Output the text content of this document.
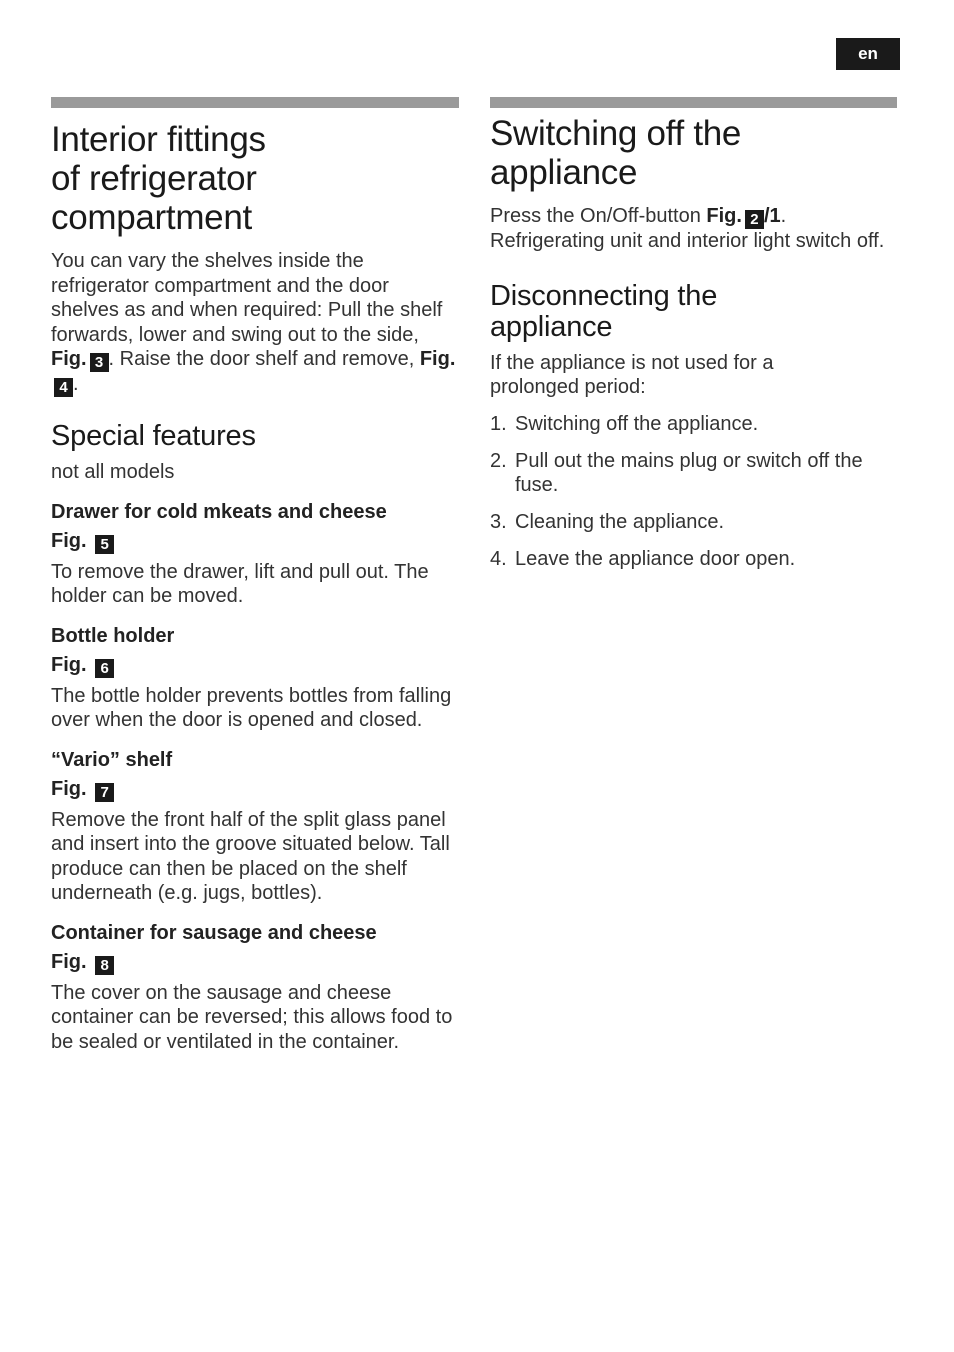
en
Interior fittings
of refrigerator
compartment

You can vary the shelves inside the refrigerator compartment and the door shelves as and when required: Pull the shelf forwards, lower and swing out to the side, Fig. 3 . Raise the door shelf and remove, Fig. 4 .

Special features

not all models

Drawer for cold mkeats and cheese
Fig. 5

To remove the drawer, lift and pull out. The holder can be moved.

Bottle holder
Fig. 6

The bottle holder prevents bottles from falling over when the door is opened and closed.

“Vario” shelf
Fig. 7

Remove the front half of the split glass panel and insert into the groove situated below. Tall produce can then be placed on the shelf underneath (e.g. jugs, bottles).

Container for sausage and cheese
Fig. 8

The cover on the sausage and cheese container can be reversed; this allows food to be sealed or ventilated in the container.

Switching off the
appliance

Press the On/Off-button Fig. 2 /1. Refrigerating unit and interior light switch off.

Disconnecting the
appliance

If the appliance is not used for a prolonged period:

1. Switching off the appliance.
2. Pull out the mains plug or switch off the fuse.
3. Cleaning the appliance.
4. Leave the appliance door open.
